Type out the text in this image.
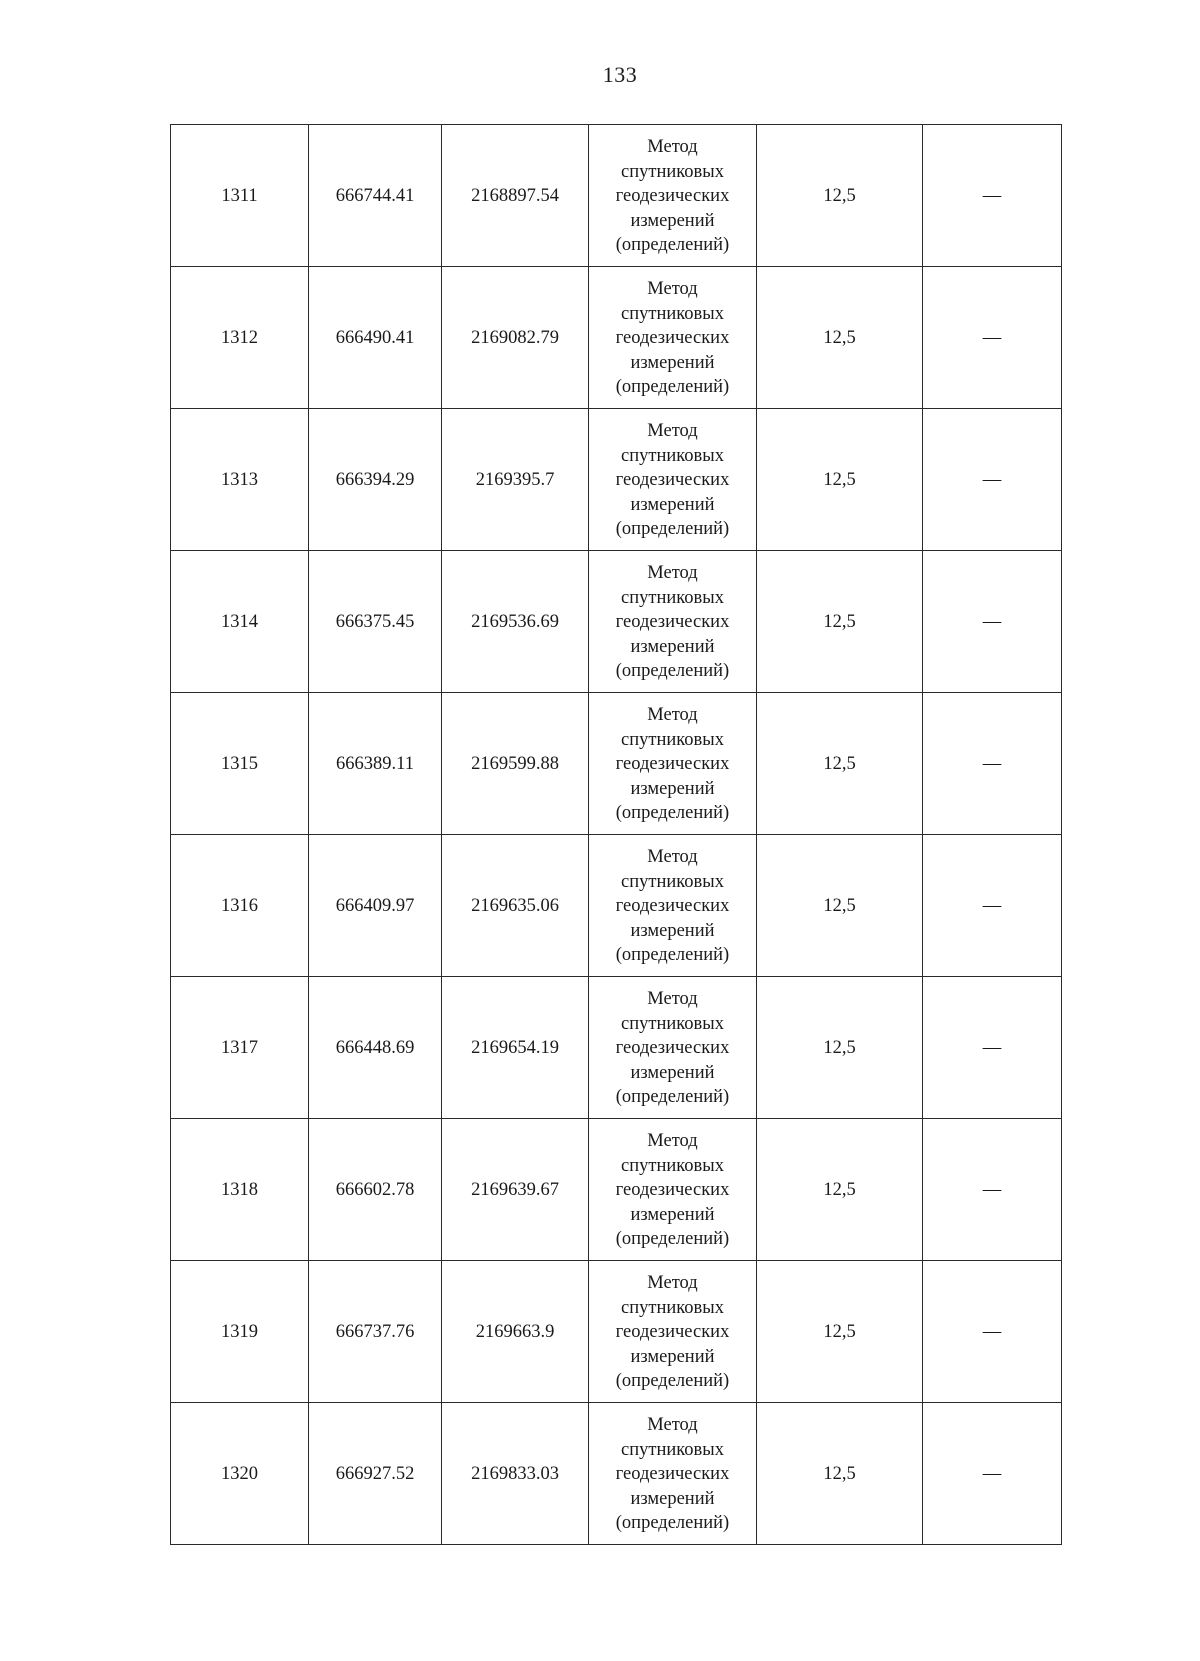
133
1311	666744.41	2168897.54	Метод
спутниковых
геодезических
измерений
(определений)	12,5	—
1312	666490.41	2169082.79	Метод
спутниковых
геодезических
измерений
(определений)	12,5	—
1313	666394.29	2169395.7	Метод
спутниковых
геодезических
измерений
(определений)	12,5	—
1314	666375.45	2169536.69	Метод
спутниковых
геодезических
измерений
(определений)	12,5	—
1315	666389.11	2169599.88	Метод
спутниковых
геодезических
измерений
(определений)	12,5	—
1316	666409.97	2169635.06	Метод
спутниковых
геодезических
измерений
(определений)	12,5	—
1317	666448.69	2169654.19	Метод
спутниковых
геодезических
измерений
(определений)	12,5	—
1318	666602.78	2169639.67	Метод
спутниковых
геодезических
измерений
(определений)	12,5	—
1319	666737.76	2169663.9	Метод
спутниковых
геодезических
измерений
(определений)	12,5	—
1320	666927.52	2169833.03	Метод
спутниковых
геодезических
измерений
(определений)	12,5	—
